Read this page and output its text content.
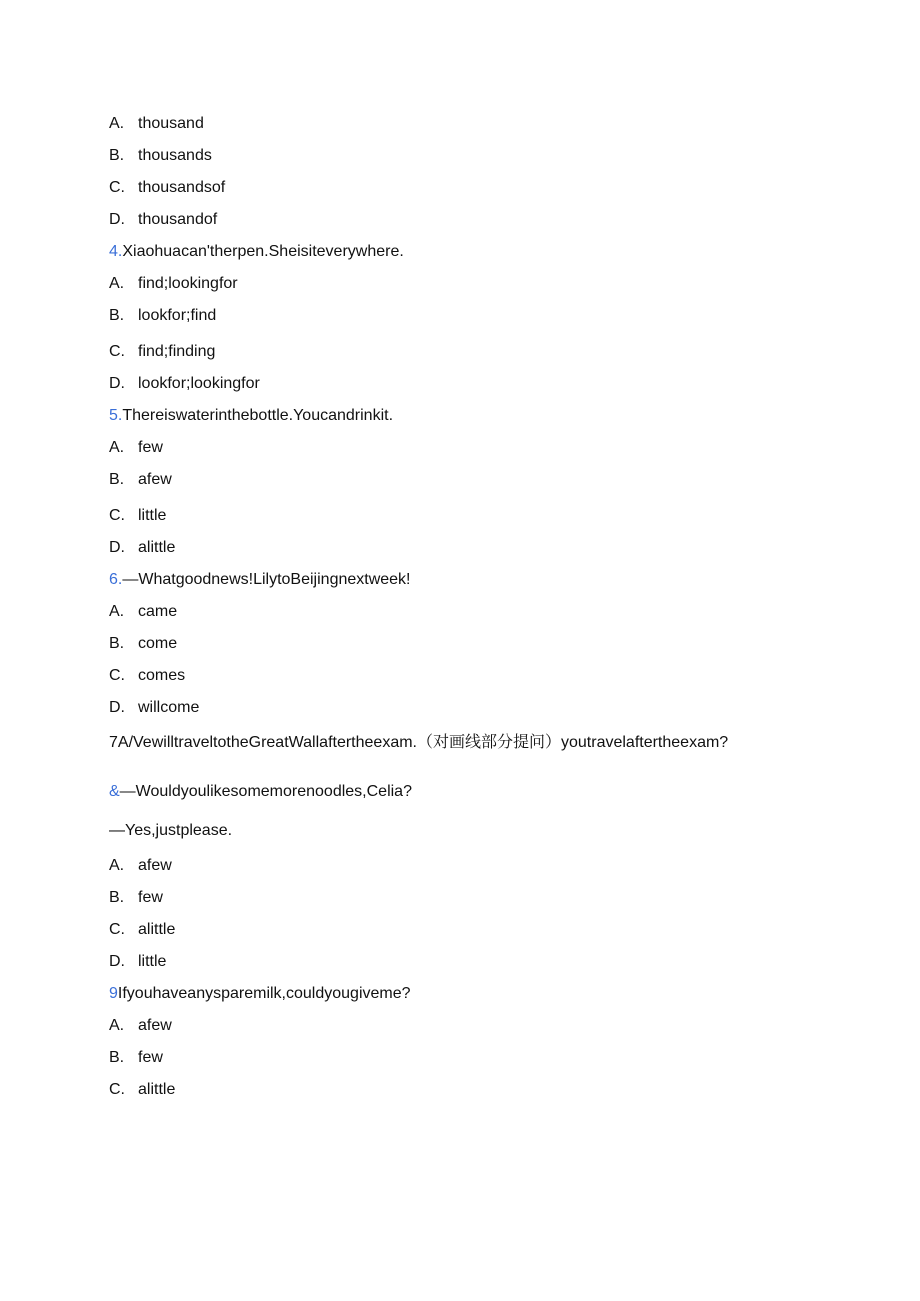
A. thousand
B. thousands
C. thousandsof
D. thousandof
4.Xiaohuacan'therpen.Sheisiteverywhere.
A. find;lookingfor
B. lookfor;find
C. find;finding
D. lookfor;lookingfor
5.Thereiswaterinthebottle.Youcandrinkit.
A. few
B. afew
C. little
D. alittle
6.—Whatgoodnews!LilytoBeijingnextweek!
A. came
B. come
C. comes
D. willcome
7A/VewilltraveltotheGreatWallaftertheexam.（对画线部分提问）youtravelaftertheexam?
&—Wouldyoulikesomemorenoodles,Celia?
—Yes,justplease.
A. afew
B. few
C. alittle
D. little
9Ifyouhaveanysparemilk,couldyougiveme?
A. afew
B. few
C. alittle
